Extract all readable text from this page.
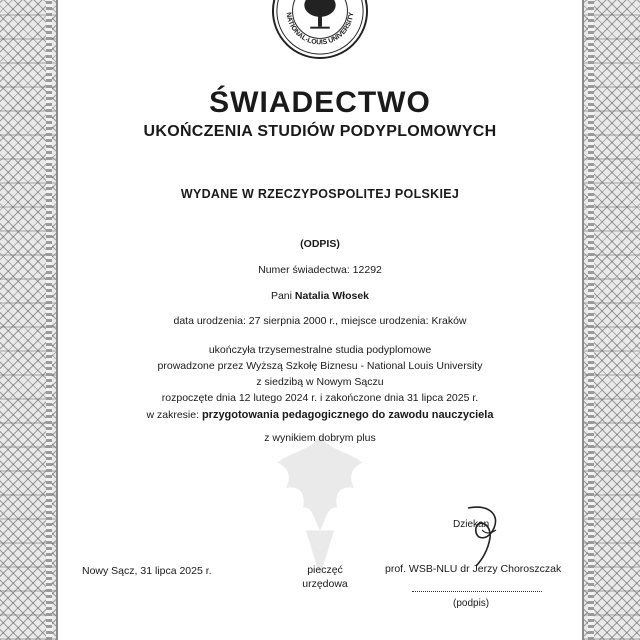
NATIONAL-LOUIS UNIVERSITY
ŚWIADECTWO
UKOŃCZENIA STUDIÓW PODYPLOMOWYCH
WYDANE W RZECZYPOSPOLITEJ POLSKIEJ
(ODPIS)
Numer świadectwa: 12292
Pani Natalia Włosek
data urodzenia: 27 sierpnia 2000 r., miejsce urodzenia: Kraków
ukończyła trzysemestralne studia podyplomowe
prowadzone przez Wyższą Szkołę Biznesu - National Louis University
z siedzibą w Nowym Sączu
rozpoczęte dnia 12 lutego 2024 r. i zakończone dnia 31 lipca 2025 r.
w zakresie: przygotowania pedagogicznego do zawodu nauczyciela
z wynikiem dobrym plus
Nowy Sącz, 31 lipca 2025 r.	pieczęć
urzędowa
Dziekan
prof. WSB-NLU dr Jerzy Choroszczak
(podpis)
